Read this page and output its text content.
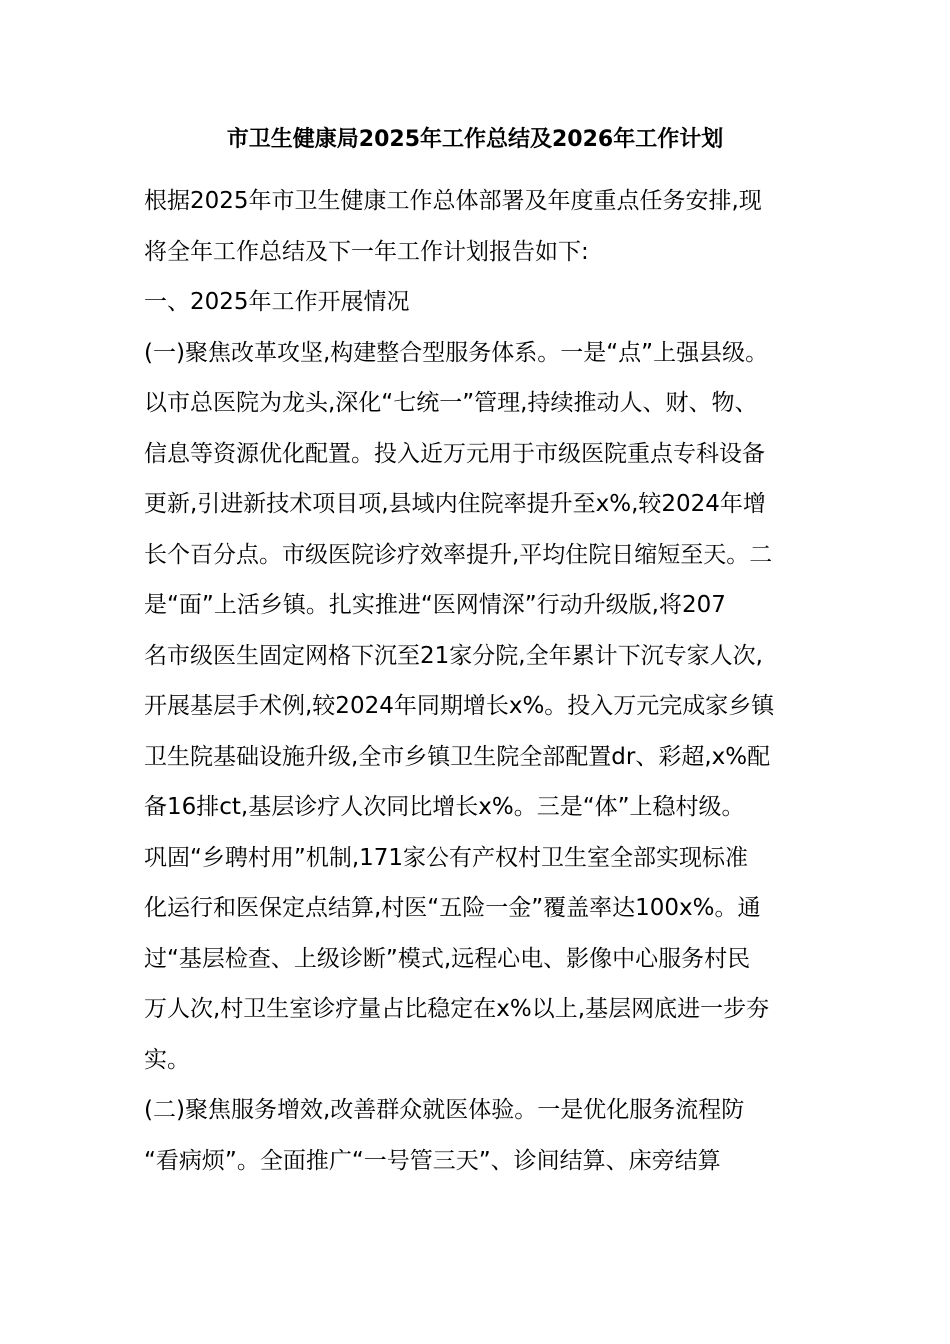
市卫生健康局2025年工作总结及2026年工作计划
根据2025年市卫生健康工作总体部署及年度重点任务安排,现
将全年工作总结及下一年工作计划报告如下:
一、2025年工作开展情况
(一)聚焦改革攻坚,构建整合型服务体系。一是“点”上强县级。
以市总医院为龙头,深化“七统一”管理,持续推动人、财、物、
信息等资源优化配置。投入近万元用于市级医院重点专科设备
更新,引进新技术项目项,县域内住院率提升至x%,较2024年增
长个百分点。市级医院诊疗效率提升,平均住院日缩短至天。二
是“面”上活乡镇。扎实推进“医网情深”行动升级版,将207
名市级医生固定网格下沉至21家分院,全年累计下沉专家人次,
开展基层手术例,较2024年同期增长x%。投入万元完成家乡镇
卫生院基础设施升级,全市乡镇卫生院全部配置dr、彩超,x%配
备16排ct,基层诊疗人次同比增长x%。三是“体”上稳村级。
巩固“乡聘村用”机制,171家公有产权村卫生室全部实现标准
化运行和医保定点结算,村医“五险一金”覆盖率达100x%。通
过“基层检查、上级诊断”模式,远程心电、影像中心服务村民
万人次,村卫生室诊疗量占比稳定在x%以上,基层网底进一步夯
实。
(二)聚焦服务增效,改善群众就医体验。一是优化服务流程防
“看病烦”。全面推广“一号管三天”、诊间结算、床旁结算
